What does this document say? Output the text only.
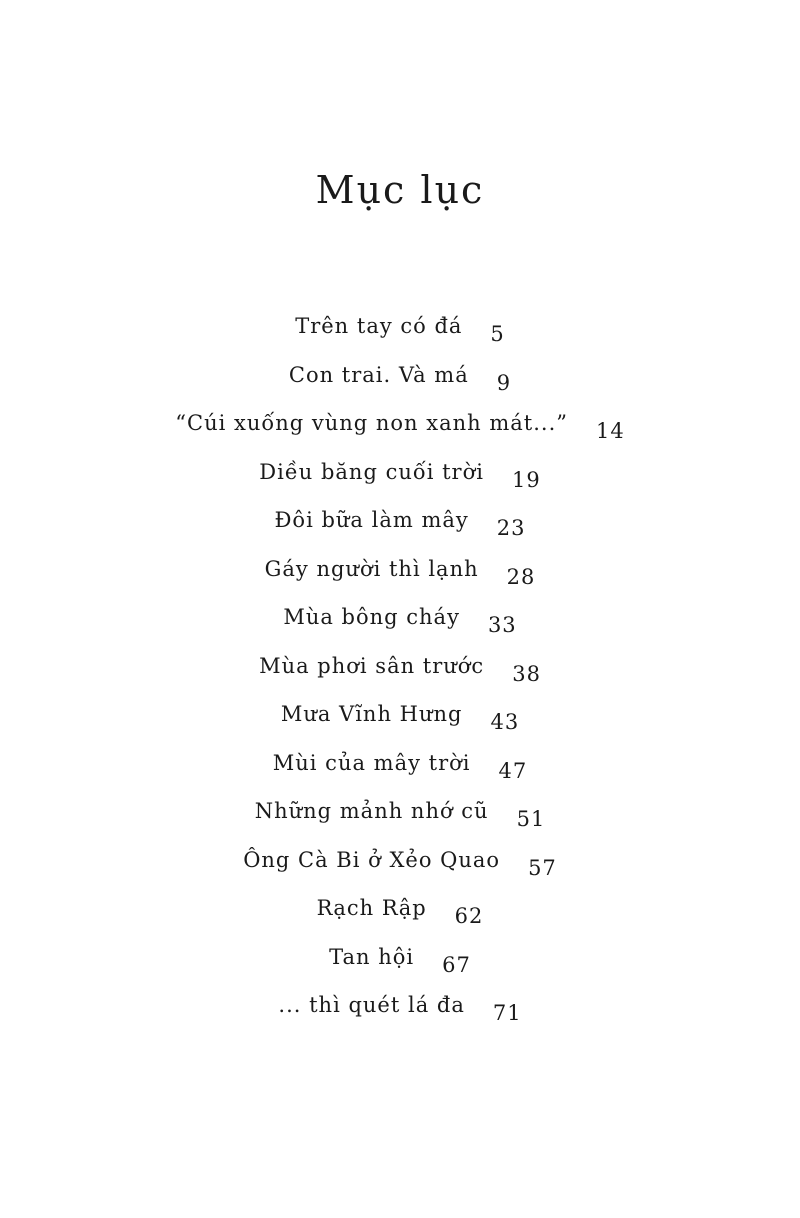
Mục lục
Trên tay có đá 5
Con trai. Và má 9
“Cúi xuống vùng non xanh mát...” 14
Diều băng cuối trời 19
Đôi bữa làm mây 23
Gáy người thì lạnh 28
Mùa bông cháy 33
Mùa phơi sân trước 38
Mưa Vĩnh Hưng 43
Mùi của mây trời 47
Những mảnh nhớ cũ 51
Ông Cà Bi ở Xẻo Quao 57
Rạch Rập 62
Tan hội 67
... thì quét lá đa 71
